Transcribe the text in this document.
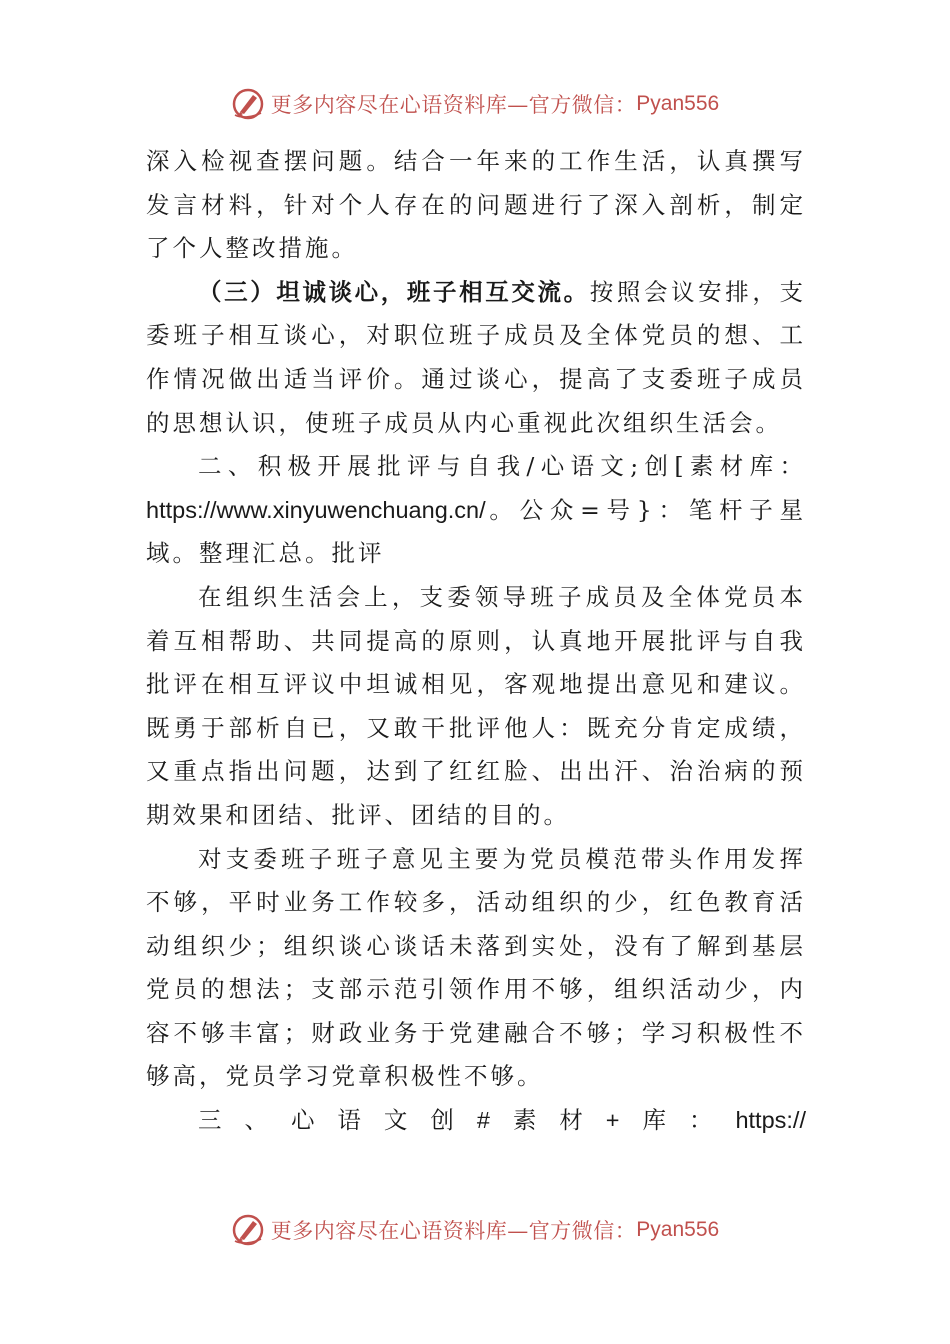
更多内容尽在心语资料库—官方微信： Pyan556

深入检视查摆问题。结合一年来的工作生活，认真撰写发言材料，针对个人存在的问题进行了深入剖析，制定了个人整改措施。

（三）坦诚谈心，班子相互交流。按照会议安排，支委班子相互谈心，对职位班子成员及全体党员的想、工作情况做出适当评价。通过谈心，提高了支委班子成员的思想认识，使班子成员从内心重视此次组织生活会。

二、积极开展批评与自我/心语文;创[素材库：https://www.xinyuwenchuang.cn/。公众=号}：笔杆子星域。整理汇总。批评

在组织生活会上，支委领导班子成员及全体党员本着互相帮助、共同提高的原则，认真地开展批评与自我批评在相互评议中坦诚相见，客观地提出意见和建议。既勇于部析自已，又敢干批评他人：既充分肯定成绩，又重点指出问题，达到了红红脸、出出汗、治治病的预期效果和团结、批评、团结的目的。

对支委班子班子意见主要为党员模范带头作用发挥不够，平时业务工作较多，活动组织的少，红色教育活动组织少；组织谈心谈话未落到实处，没有了解到基层党员的想法；支部示范引领作用不够，组织活动少，内容不够丰富；财政业务于党建融合不够；学习积极性不够高，党员学习党章积极性不够。

三 、 心 语 文 创 # 素 材 + 库 ： https://
更多内容尽在心语资料库—官方微信： Pyan556
